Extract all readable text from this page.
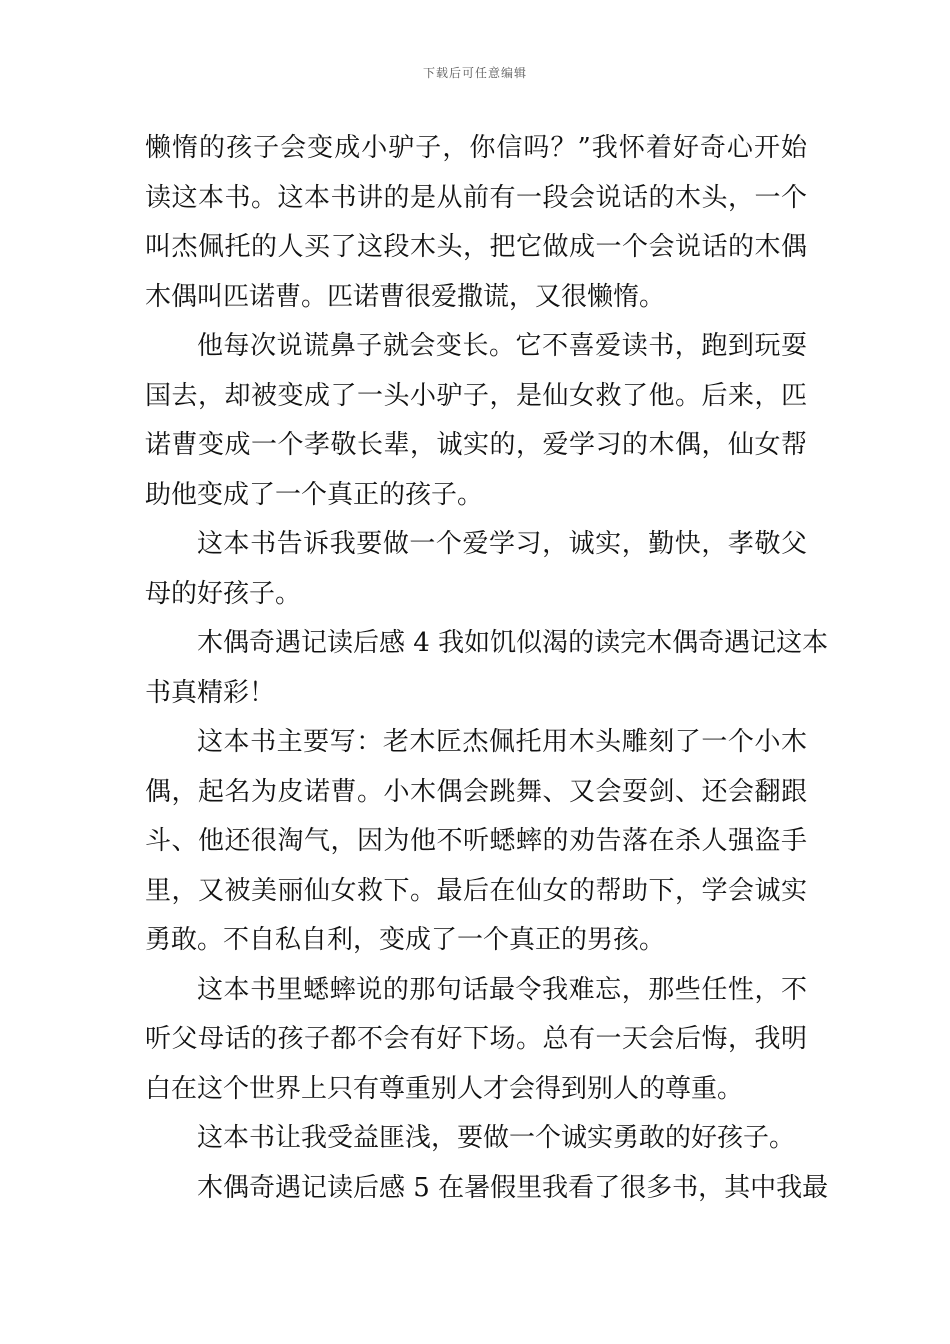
下载后可任意编辑
懒惰的孩子会变成小驴子，你信吗？”我怀着好奇心开始
读这本书。这本书讲的是从前有一段会说话的木头，一个
叫杰佩托的人买了这段木头，把它做成一个会说话的木偶
木偶叫匹诺曹。匹诺曹很爱撒谎，又很懒惰。
他每次说谎鼻子就会变长。它不喜爱读书，跑到玩耍
国去，却被变成了一头小驴子，是仙女救了他。后来，匹
诺曹变成一个孝敬长辈，诚实的，爱学习的木偶，仙女帮
助他变成了一个真正的孩子。
这本书告诉我要做一个爱学习，诚实，勤快，孝敬父
母的好孩子。
木偶奇遇记读后感 4 我如饥似渴的读完木偶奇遇记这本
书真精彩！
这本书主要写：老木匠杰佩托用木头雕刻了一个小木
偶，起名为皮诺曹。小木偶会跳舞、又会耍剑、还会翻跟
斗、他还很淘气，因为他不听蟋蟀的劝告落在杀人强盗手
里，又被美丽仙女救下。最后在仙女的帮助下，学会诚实
勇敢。不自私自利，变成了一个真正的男孩。
这本书里蟋蟀说的那句话最令我难忘，那些任性，不
听父母话的孩子都不会有好下场。总有一天会后悔，我明
白在这个世界上只有尊重别人才会得到别人的尊重。
这本书让我受益匪浅，要做一个诚实勇敢的好孩子。
木偶奇遇记读后感 5 在暑假里我看了很多书，其中我最
